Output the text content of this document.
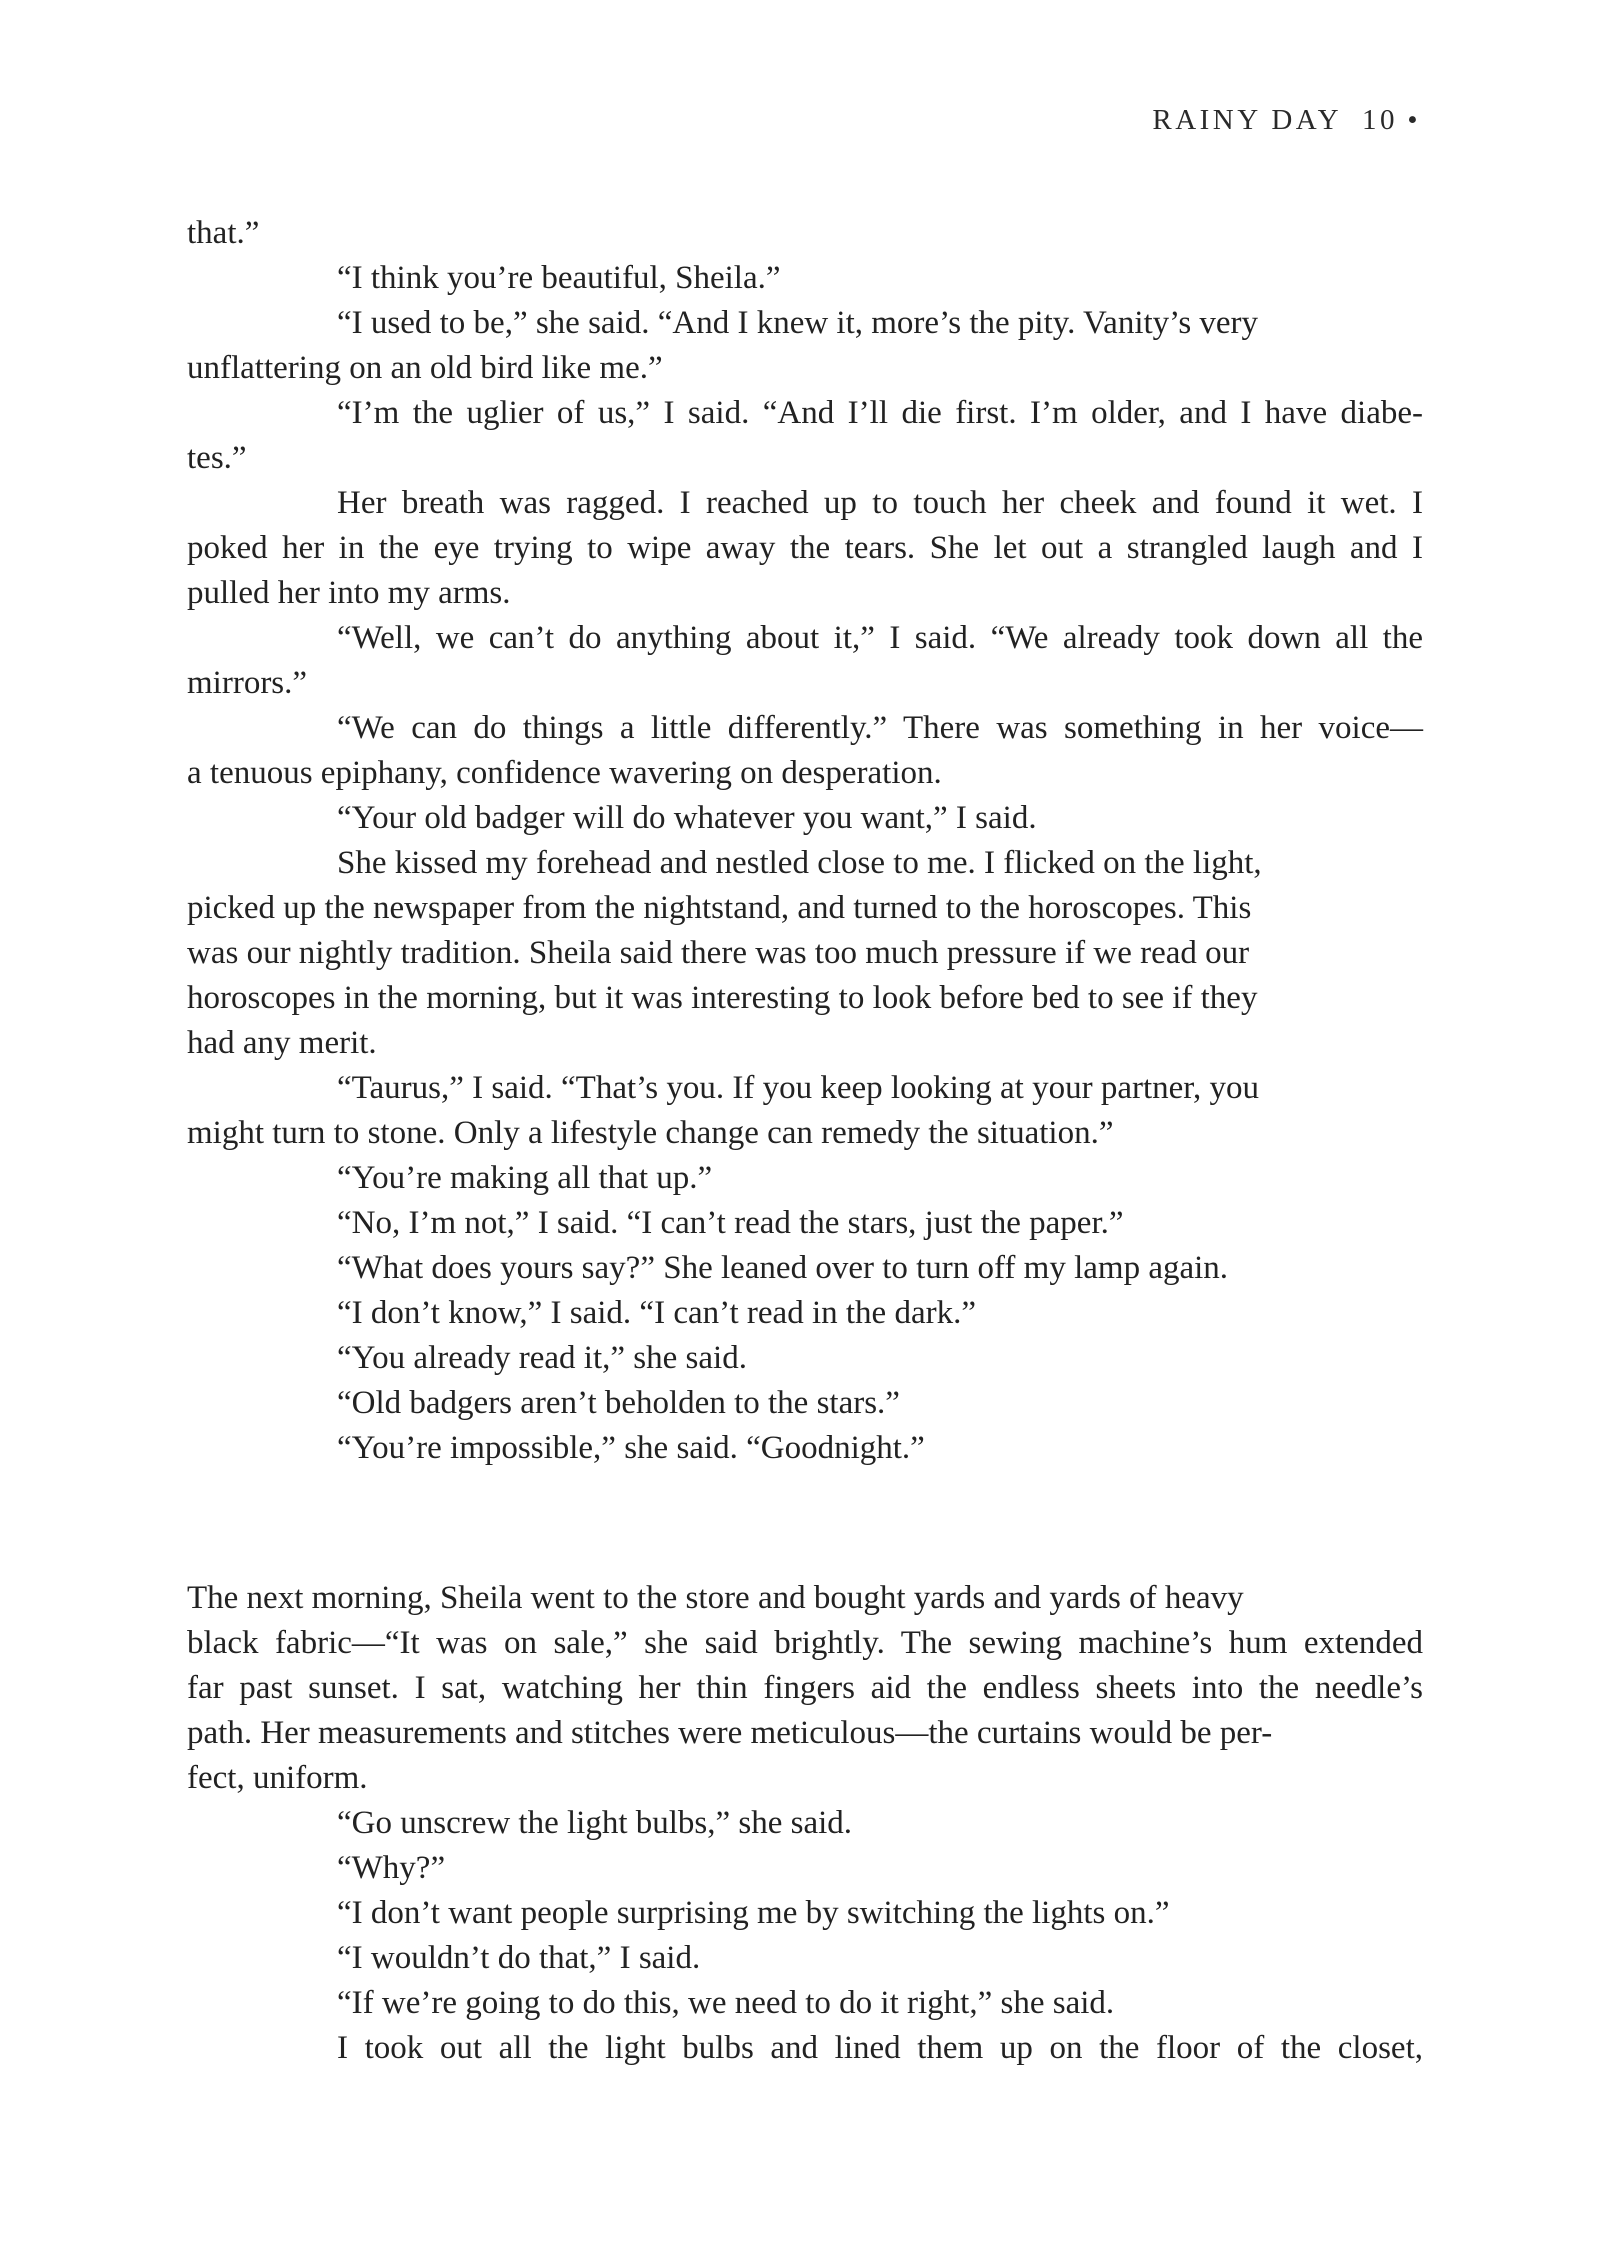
RAINY DAY 10  •
that.”
“I think you’re beautiful, Sheila.”
“I used to be,” she said. “And I knew it, more’s the pity. Vanity’s very
unflattering on an old bird like me.”
“I’m the uglier of us,” I said. “And I’ll die first. I’m older, and I have diabe-
tes.”
Her breath was ragged. I reached up to touch her cheek and found it wet. I
poked her in the eye trying to wipe away the tears. She let out a strangled laugh and I
pulled her into my arms.
“Well, we can’t do anything about it,” I said. “We already took down all the
mirrors.”
“We can do things a little differently.” There was something in her voice—
a tenuous epiphany, confidence wavering on desperation.
“Your old badger will do whatever you want,” I said.
She kissed my forehead and nestled close to me. I flicked on the light,
picked up the newspaper from the nightstand, and turned to the horoscopes. This
was our nightly tradition. Sheila said there was too much pressure if we read our
horoscopes in the morning, but it was interesting to look before bed to see if they
had any merit.
“Taurus,” I said. “That’s you. If you keep looking at your partner, you
might turn to stone. Only a lifestyle change can remedy the situation.”
“You’re making all that up.”
“No, I’m not,” I said. “I can’t read the stars, just the paper.”
“What does yours say?” She leaned over to turn off my lamp again.
“I don’t know,” I said. “I can’t read in the dark.”
“You already read it,” she said.
“Old badgers aren’t beholden to the stars.”
“You’re impossible,” she said. “Goodnight.”
The next morning, Sheila went to the store and bought yards and yards of heavy
black fabric—“It was on sale,” she said brightly. The sewing machine’s hum extended
far past sunset. I sat, watching her thin fingers aid the endless sheets into the needle’s
path. Her measurements and stitches were meticulous—the curtains would be per-
fect, uniform.
“Go unscrew the light bulbs,” she said.
“Why?”
“I don’t want people surprising me by switching the lights on.”
“I wouldn’t do that,” I said.
“If we’re going to do this, we need to do it right,” she said.
I took out all the light bulbs and lined them up on the floor of the closet,
